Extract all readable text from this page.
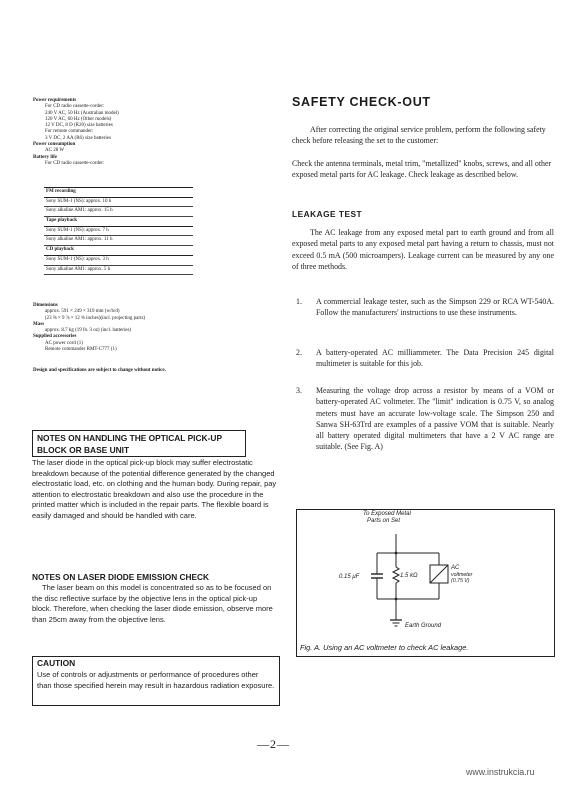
Power requirements
For CD radio cassette-corder:
240 V AC, 50 Hz (Australian model)
120 V AC, 60 Hz (Other models)
12 V DC, 8 D (R20) size batteries
For remote commander:
3 V DC, 2 AA (R6) size batteries
Power consumption
AC 28 W
Battery life
For CD radio cassette-corder:
FM recording
Sony SUM-1 (NS): approx. 10 h
Sony alkaline AM1: approx. 15 h
Tape playback
Sony SUM-1 (NS): approx. 7 h
Sony alkaline AM1: approx. 11 h
CD playback
Sony SUM-1 (NS): approx. 3 h
Sony alkaline AM1: approx. 5 h
Dimensions
approx. 591 × 249 × 319 mm (w/h/d)
(23 ⅜ × 9 ⅞ × 12 ⅝ inches)(incl. projecting parts)
Mass
approx. 8.7 kg (19 lb. 3 oz) (incl. batteries)
Supplied accessories
AC power cord (1)
Remote commander RMT-C777 (1)
Design and specifications are subject to change without notice.
NOTES ON HANDLING THE OPTICAL PICK-UP BLOCK OR BASE UNIT
The laser diode in the optical pick-up block may suffer electrostatic breakdown because of the potential difference generated by the changed electrostatic load, etc. on clothing and the human body. During repair, pay attention to electrostatic breakdown and also use the procedure in the printed matter which is included in the repair parts. The flexible board is easily damaged and should be handled with care.
NOTES ON LASER DIODE EMISSION CHECK
The laser beam on this model is concentrated so as to be focused on the disc reflective surface by the objective lens in the optical pick-up block. Therefore, when checking the laser diode emission, observe more than 25cm away from the objective lens.
CAUTION
Use of controls or adjustments or performance of procedures other than those specified herein may result in hazardous radiation exposure.
SAFETY CHECK-OUT
After correcting the original service problem, perform the following safety check before releasing the set to the customer:
Check the antenna terminals, metal trim, "metallized" knobs, screws, and all other exposed metal parts for AC leakage. Check leakage as described below.
LEAKAGE TEST
The AC leakage from any exposed metal part to earth ground and from all exposed metal parts to any exposed metal part having a return to chassis, must not exceed 0.5 mA (500 microampers). Leakage current can be measured by any one of three methods.
1. A commercial leakage tester, such as the Simpson 229 or RCA WT-540A. Follow the manufacturers' instructions to use these instruments.
2. A battery-operated AC milliammeter. The Data Precision 245 digital multimeter is suitable for this job.
3. Measuring the voltage drop across a resistor by means of a VOM or battery-operated AC voltmeter. The "limit" indication is 0.75 V, so analog meters must have an accurate low-voltage scale. The Simpson 250 and Sanwa SH-63Trd are examples of a passive VOM that is suitable. Nearly all battery operated digital multimeters that have a 2 V AC range are suitable. (See Fig. A)
To Exposed Metal
Parts on Set
0.15 μF	1.5 kΩ
AC
voltmeter
(0.75 V)
Earth Ground
Fig. A. Using an AC voltmeter to check AC leakage.
—2—
www.instrukcia.ru
